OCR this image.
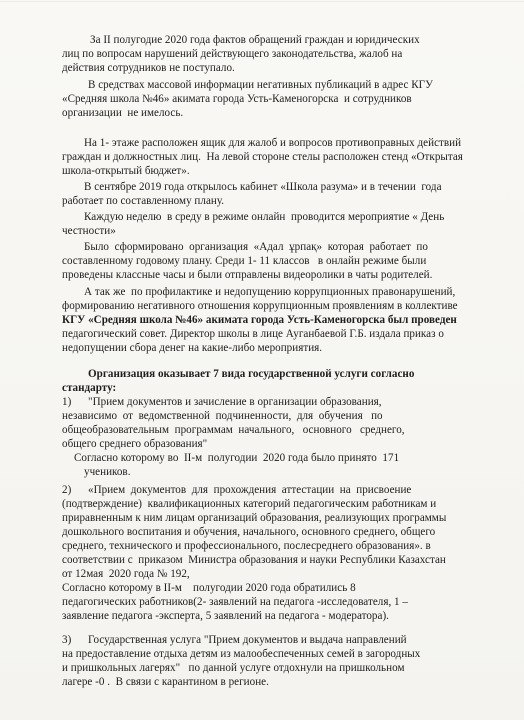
За II полугодие 2020 года фактов обращений граждан и юридических
лиц по вопросам нарушений действующего законодательства, жалоб на
действия сотрудников не поступало.
В средствах массовой информации негативных публикаций в адрес КГУ
«Средняя школа №46» акимата города Усть-Каменогорска  и сотрудников
организации  не имелось.
На 1- этаже расположен ящик для жалоб и вопросов противоправных действий
граждан и должностных лиц.  На левой стороне стелы расположен стенд «Открытая
школа-открытый бюджет».
В сентябре 2019 года открылось кабинет «Школа разума» и в течении  года
работает по составленному плану.
Каждую неделю  в среду в режиме онлайн  проводится мероприятие « День
честности»
Было  сформировано  организация  «Адал  ұрпақ»  которая  работает  по
составленному годовому плану. Среди 1- 11 классов   в онлайн режиме были
проведены классные часы и были отправлены видеоролики в чаты родителей.
А так же  по профилактике и недопущению коррупционных правонарушений,
формированию негативного отношения коррупционным проявлениям в коллективе
КГУ «Средняя школа №46» акимата города Усть-Каменогорска был проведен
педагогический совет. Директор школы в лице Ауганбаевой Г.Б. издала приказ о
недопущении сбора денег на какие-либо мероприятия.
Организация оказывает 7 вида государственной услуги согласно
стандарту:
1)      "Прием документов и зачисление в организации образования,
независимо  от  ведомственной  подчиненности,  для  обучения   по
общеобразовательным  программам  начального,   основного   среднего,
общего среднего образования"
Согласно которому во  II-м  полугодии  2020 года было принято  171
учеников.
2)      «Прием  документов  для  прохождения  аттестации  на  присвоение
(подтверждение)  квалификационных категорий педагогическим работникам и
приравненным к ним лицам организаций образования, реализующих программы
дошкольного воспитания и обучения, начального, основного среднего, общего
среднего, технического и профессионального, послесреднего образования». в
соответствии с  приказом  Министра образования и науки Республики Казахстан
от 12мая  2020 года № 192,
Согласно которому в II-м    полугодии 2020 года обратились 8
педагогических работников(2- заявлений на педагога -исследователя, 1 –
заявление педагога -эксперта, 5 заявлений на педагога - модератора).
3)      Государственная услуга "Прием документов и выдача направлений
на предоставление отдыха детям из малообеспеченных семей в загородных
и пришкольных лагерях"   по данной услуге отдохнули на пришкольном
лагере -0 .  В связи с карантином в регионе.
